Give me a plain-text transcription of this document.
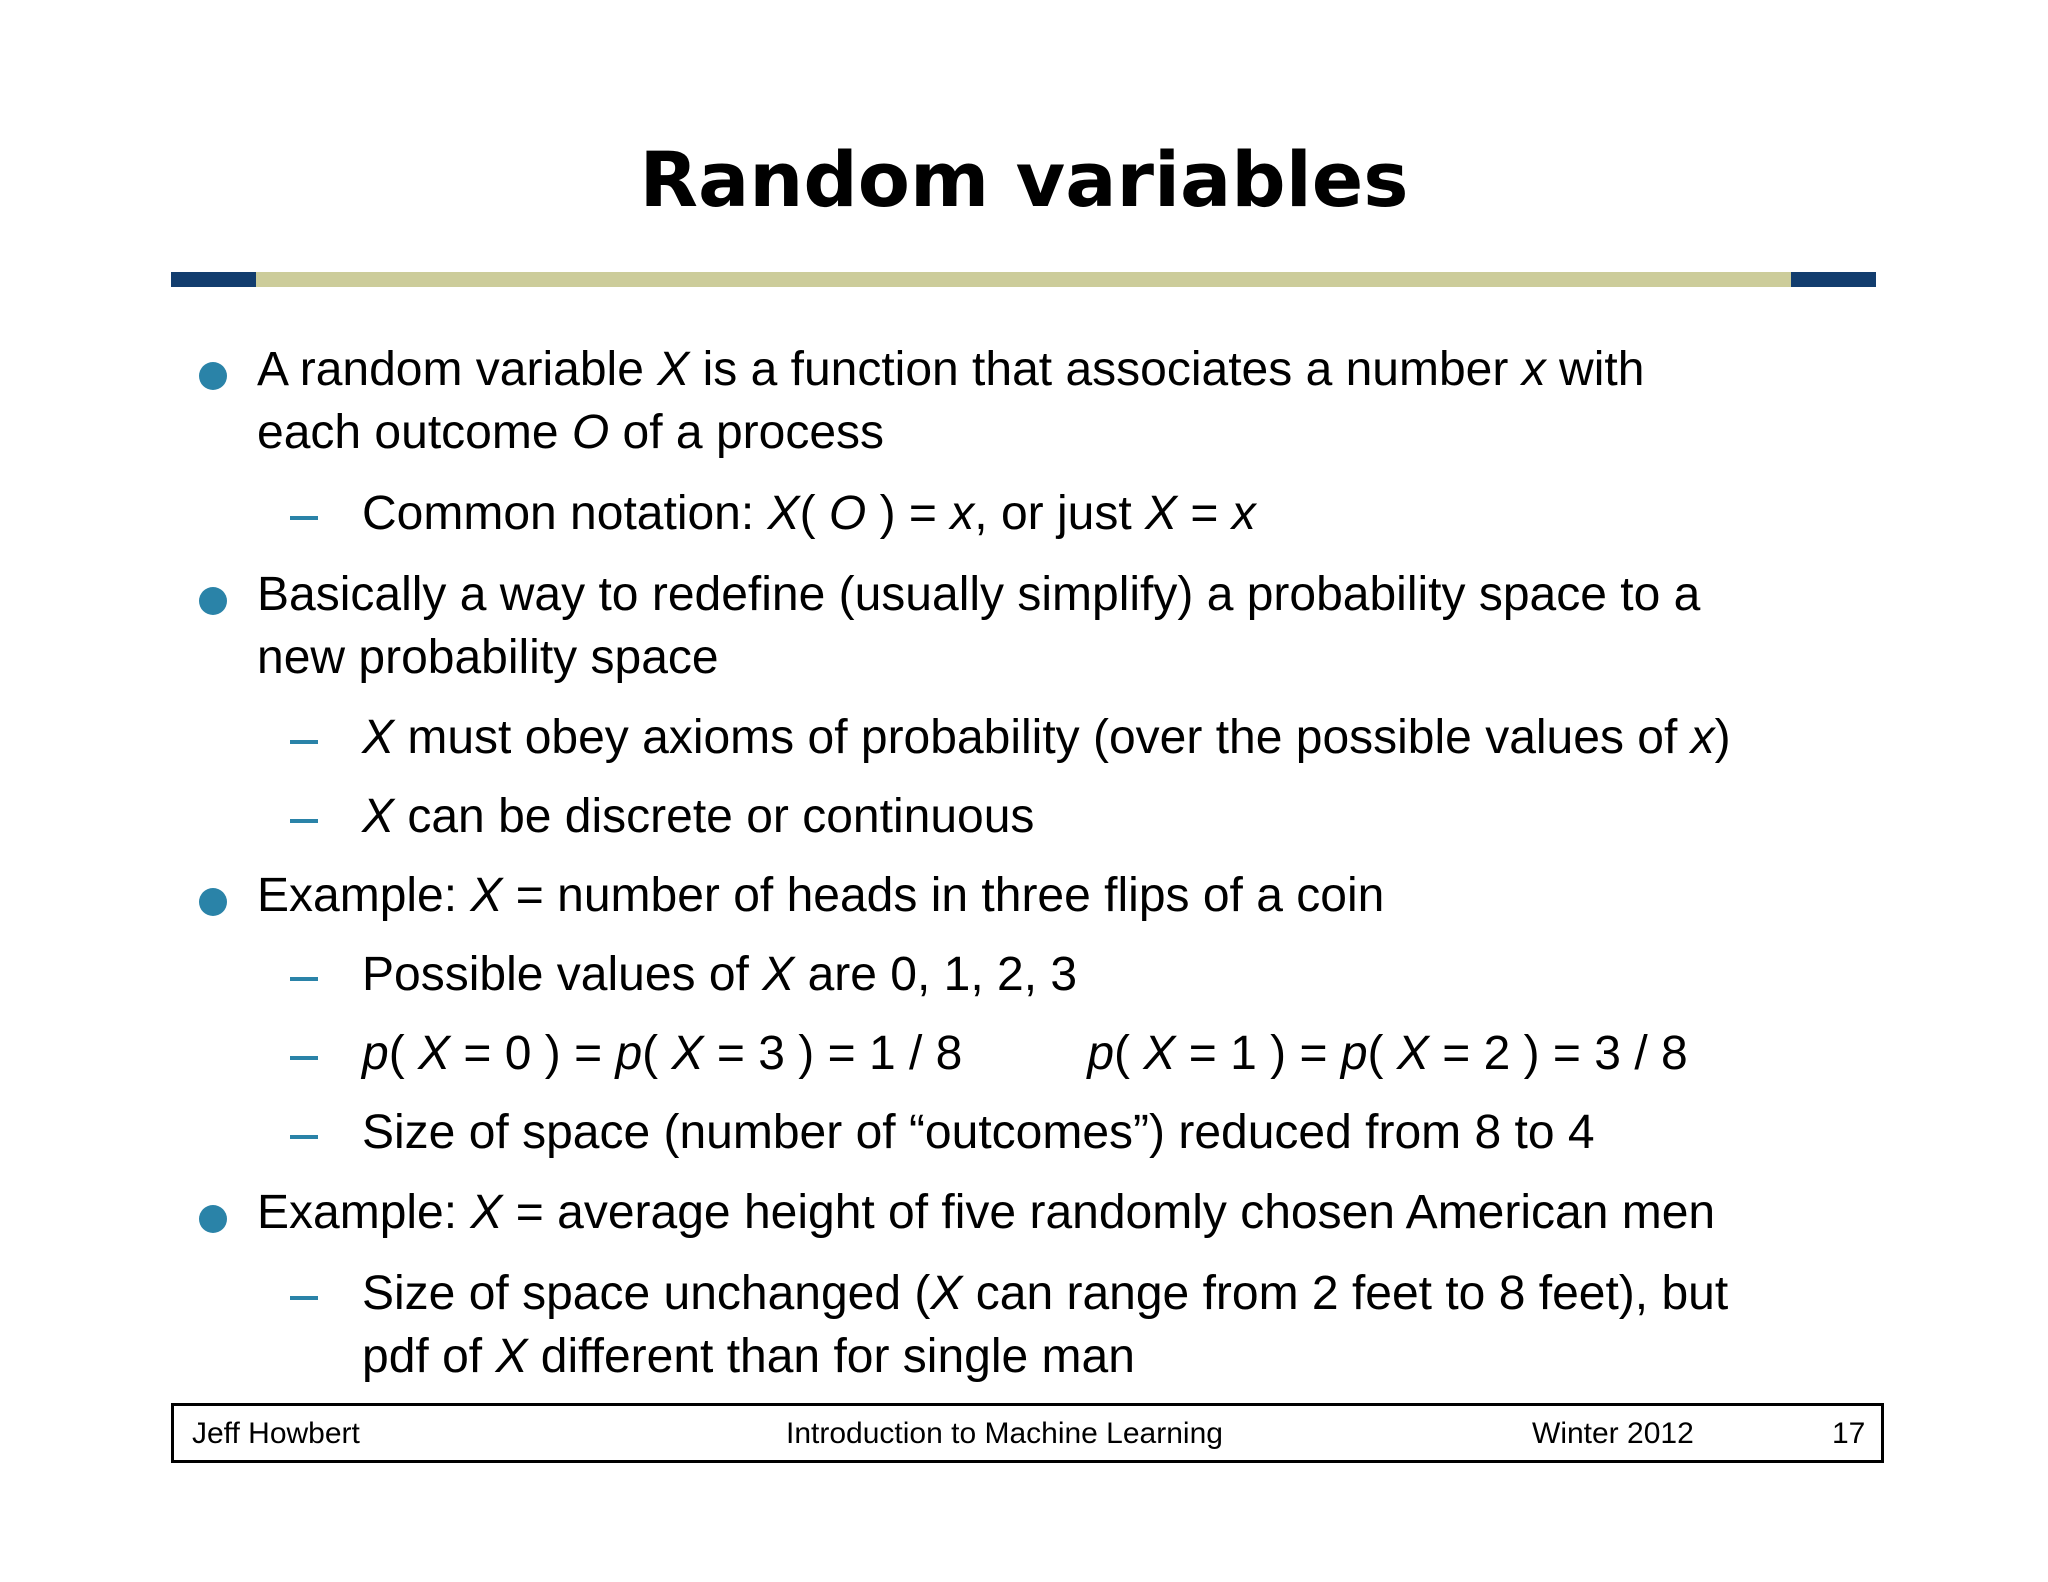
Random variables
A random variable X is a function that associates a number x with
each outcome O of a process
Common notation: X( O ) = x, or just X = x
Basically a way to redefine (usually simplify) a probability space to a
new probability space
X must obey axioms of probability (over the possible values of x)
X can be discrete or continuous
Example: X = number of heads in three flips of a coin
Possible values of X are 0, 1, 2, 3
p( X = 0 ) = p( X = 3 ) = 1 / 8	p( X = 1 ) = p( X = 2 ) = 3 / 8
Size of space (number of “outcomes”) reduced from 8 to 4
Example: X = average height of five randomly chosen American men
Size of space unchanged (X can range from 2 feet to 8 feet), but
pdf of X different than for single man
Jeff Howbert	Introduction to Machine Learning	Winter 2012	17
